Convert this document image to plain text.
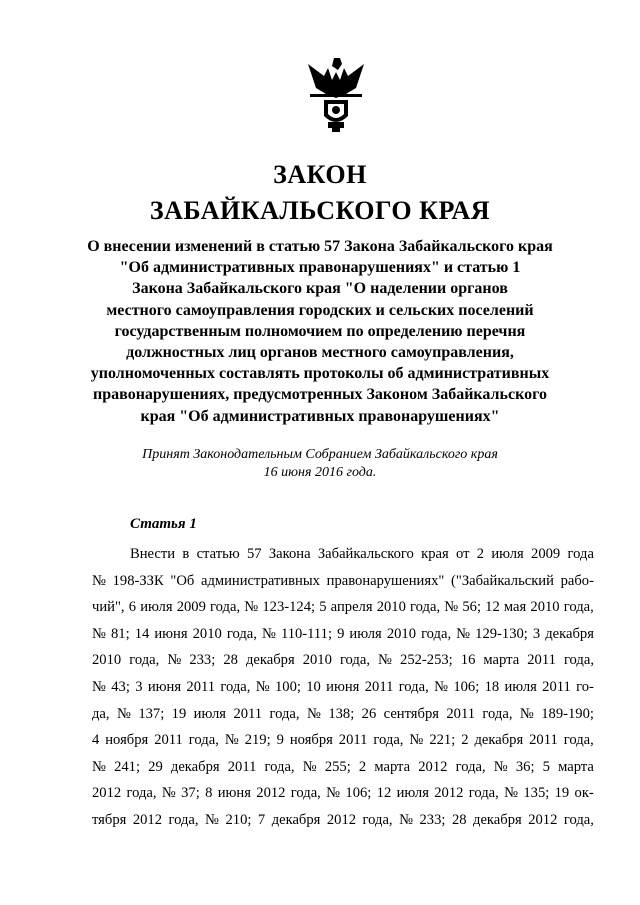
ЗАКОН
ЗАБАЙКАЛЬСКОГО КРАЯ
О внесении изменений в статью 57 Закона Забайкальского края
"Об административных правонарушениях" и статью 1
Закона Забайкальского края "О наделении органов
местного самоуправления городских и сельских поселений
государственным полномочием по определению перечня
должностных лиц органов местного самоуправления,
уполномоченных составлять протоколы об административных
правонарушениях, предусмотренных Законом Забайкальского
края "Об административных правонарушениях"
Принят Законодательным Собранием Забайкальского края
16 июня 2016 года.
Статья 1
Внести в статью 57 Закона Забайкальского края от 2 июля 2009 года
№ 198-ЗЗК "Об административных правонарушениях" ("Забайкальский рабо-
чий", 6 июля 2009 года, № 123-124; 5 апреля 2010 года, № 56; 12 мая 2010 года,
№ 81; 14 июня 2010 года, № 110-111; 9 июля 2010 года, № 129-130; 3 декабря
2010 года, № 233; 28 декабря 2010 года, № 252-253; 16 марта 2011 года,
№ 43; 3 июня 2011 года, № 100; 10 июня 2011 года, № 106; 18 июля 2011 го-
да, № 137; 19 июля 2011 года, № 138; 26 сентября 2011 года, № 189-190;
4 ноября 2011 года, № 219; 9 ноября 2011 года, № 221; 2 декабря 2011 года,
№ 241; 29 декабря 2011 года, № 255; 2 марта 2012 года, № 36; 5 марта
2012 года, № 37; 8 июня 2012 года, № 106; 12 июля 2012 года, № 135; 19 ок-
тября 2012 года, № 210; 7 декабря 2012 года, № 233; 28 декабря 2012 года,
